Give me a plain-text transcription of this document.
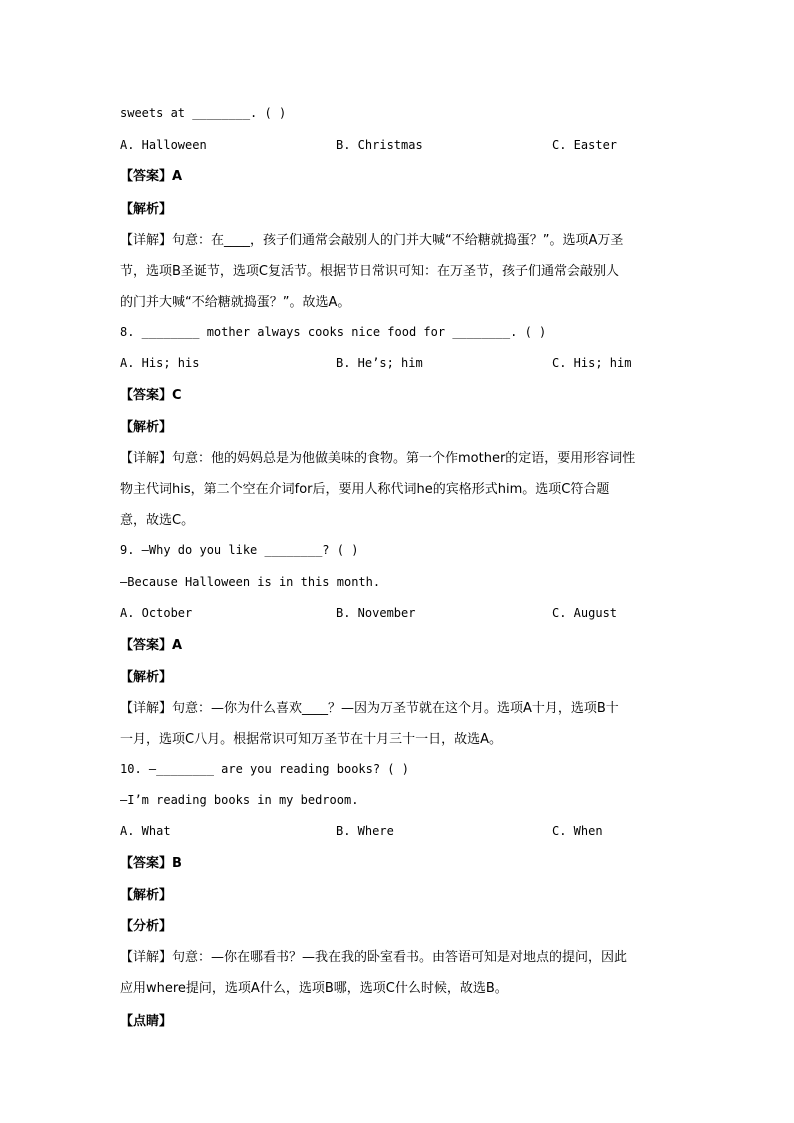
sweets at ________. ( )
A. Halloween	B. Christmas	C. Easter
【答案】A
【解析】
【详解】句意：在____，孩子们通常会敲别人的门并大喊“不给糖就捣蛋？”。选项A万圣
节，选项B圣诞节，选项C复活节。根据节日常识可知：在万圣节，孩子们通常会敲别人
的门并大喊“不给糖就捣蛋？”。故选A。
8. ________ mother always cooks nice food for ________. ( )
A. His; his	B. He’s; him	C. His; him
【答案】C
【解析】
【详解】句意：他的妈妈总是为他做美味的食物。第一个作mother的定语，要用形容词性
物主代词his，第二个空在介词for后，要用人称代词he的宾格形式him。选项C符合题
意，故选C。
9. —Why do you like ________? ( )
—Because Halloween is in this month.
A. October	B. November	C. August
【答案】A
【解析】
【详解】句意：—你为什么喜欢____？—因为万圣节就在这个月。选项A十月，选项B十
一月，选项C八月。根据常识可知万圣节在十月三十一日，故选A。
10. —________ are you reading books? ( )
—I’m reading books in my bedroom.
A. What	B. Where	C. When
【答案】B
【解析】
【分析】
【详解】句意：—你在哪看书？—我在我的卧室看书。由答语可知是对地点的提问，因此
应用where提问，选项A什么，选项B哪，选项C什么时候，故选B。
【点睛】
